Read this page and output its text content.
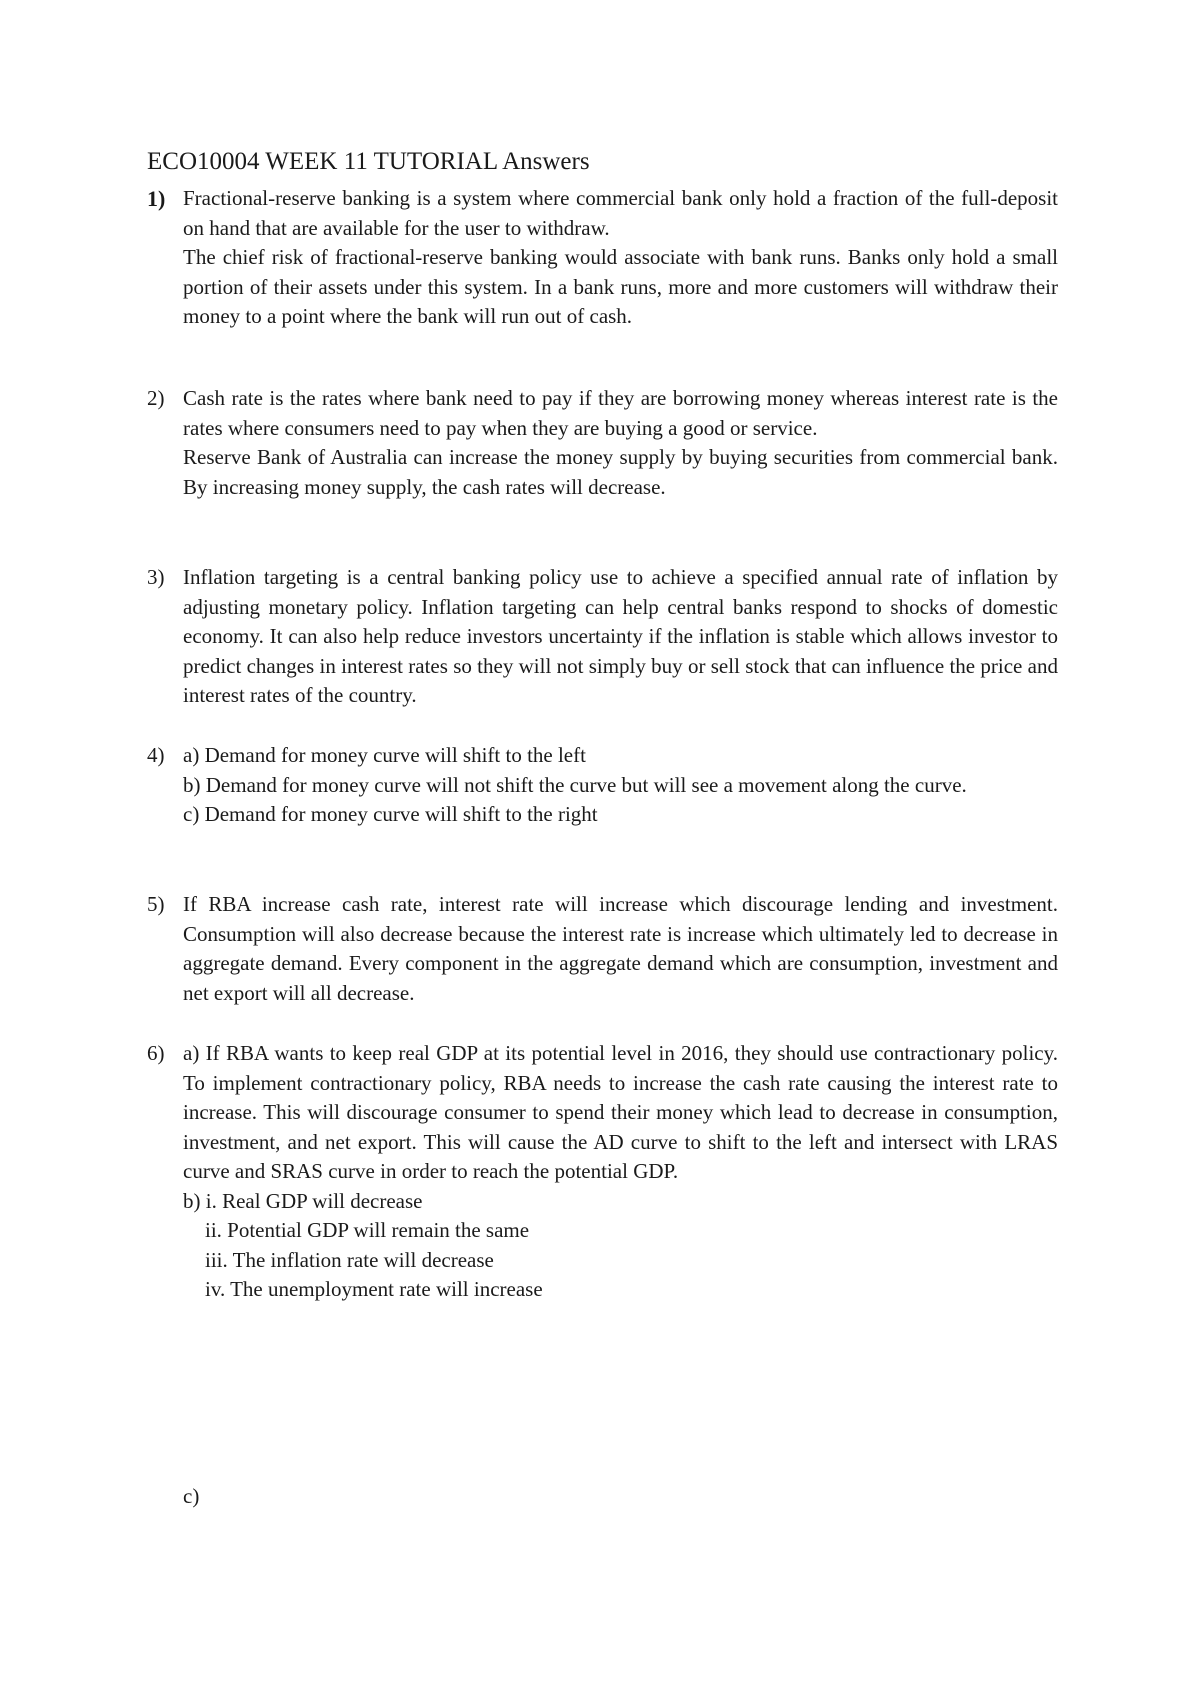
ECO10004 WEEK 11 TUTORIAL Answers
1) Fractional-reserve banking is a system where commercial bank only hold a fraction of the full-deposit on hand that are available for the user to withdraw.

The chief risk of fractional-reserve banking would associate with bank runs. Banks only hold a small portion of their assets under this system. In a bank runs, more and more customers will withdraw their money to a point where the bank will run out of cash.

2) Cash rate is the rates where bank need to pay if they are borrowing money whereas interest rate is the rates where consumers need to pay when they are buying a good or service.

Reserve Bank of Australia can increase the money supply by buying securities from commercial bank. By increasing money supply, the cash rates will decrease.

3) Inflation targeting is a central banking policy use to achieve a specified annual rate of inflation by adjusting monetary policy. Inflation targeting can help central banks respond to shocks of domestic economy. It can also help reduce investors uncertainty if the inflation is stable which allows investor to predict changes in interest rates so they will not simply buy or sell stock that can influence the price and interest rates of the country.

4) a) Demand for money curve will shift to the left

b) Demand for money curve will not shift the curve but will see a movement along the curve.

c) Demand for money curve will shift to the right

5) If RBA increase cash rate, interest rate will increase which discourage lending and investment. Consumption will also decrease because the interest rate is increase which ultimately led to decrease in aggregate demand. Every component in the aggregate demand which are consumption, investment and net export will all decrease.

6) a) If RBA wants to keep real GDP at its potential level in 2016, they should use contractionary policy. To implement contractionary policy, RBA needs to increase the cash rate causing the interest rate to increase. This will discourage consumer to spend their money which lead to decrease in consumption, investment, and net export. This will cause the AD curve to shift to the left and intersect with LRAS curve and SRAS curve in order to reach the potential GDP.

b) i. Real GDP will decrease

ii. Potential GDP will remain the same

iii. The inflation rate will decrease

iv. The unemployment rate will increase

c)
